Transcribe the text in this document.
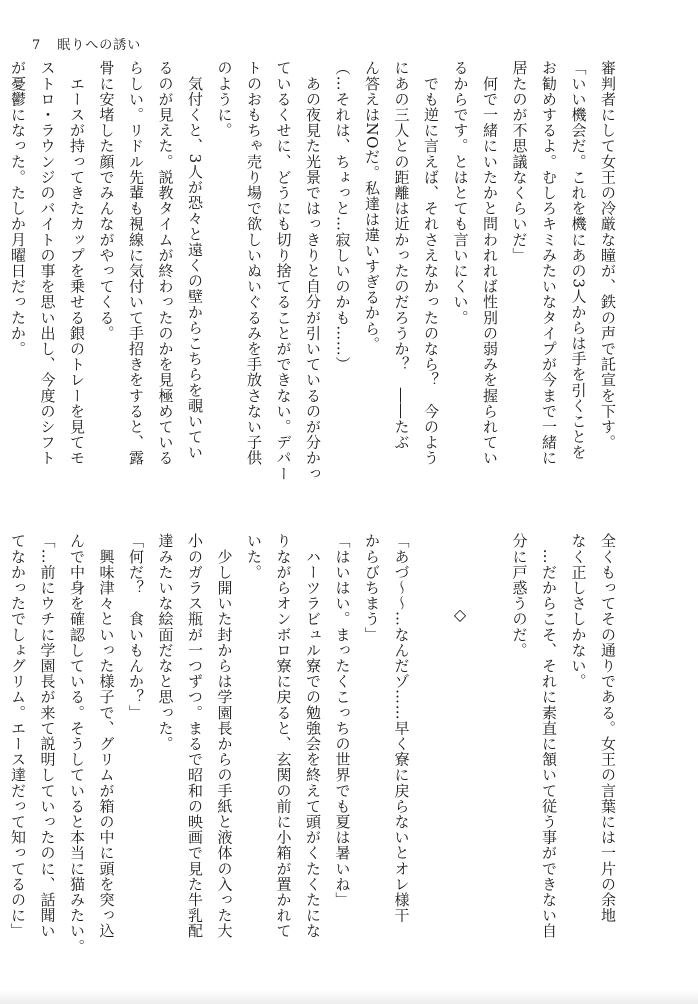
7 眠りへの誘い
審判者にして女王の冷厳な瞳が、鉄の声で託宣を下す。
「いい機会だ。これを機にあの3人からは手を引くことを
お勧めするよ。むしろキミみたいなタイプが今まで一緒に
居たのが不思議なくらいだ」
　何で一緒にいたかと問われれば性別の弱みを握られてい
るからです。とはとても言いにくい。
　でも逆に言えば、それさえなかったのなら？　今のよう
にあの三人との距離は近かったのだろうか？　――たぶ
ん答えはNOだ。私達は違いすぎるから。
（…それは、ちょっと…寂しいのかも……）
　あの夜見た光景ではっきりと自分が引いているのが分かっ
ているくせに、どうにも切り捨てることができない。デパー
トのおもちゃ売り場で欲しいぬいぐるみを手放さない子供
のように。
　気付くと、3人が恐々と遠くの壁からこちらを覗いてい
るのが見えた。説教タイムが終わったのかを見極めている
らしい。リドル先輩も視線に気付いて手招きをすると、露
骨に安堵した顔でみんながやってくる。
　エースが持ってきたカップを乗せる銀のトレーを見てモ
ストロ・ラウンジのバイトの事を思い出し、今度のシフト
が憂鬱になった。たしか月曜日だったか。
全くもってその通りである。女王の言葉には一片の余地
なく正しさしかない。
　…だからこそ、それに素直に頷いて従う事ができない自
分に戸惑うのだ。
◇
「あづ〜〜…なんだゾ……早く寮に戻らないとオレ様干
からびちまう」
「はいはい。まったくこっちの世界でも夏は暑いね」
　ハーツラビュル寮での勉強会を終えて頭がくたくたにな
りながらオンボロ寮に戻ると、玄関の前に小箱が置かれて
いた。
　少し開いた封からは学園長からの手紙と液体の入った大
小のガラス瓶が一つずつ。まるで昭和の映画で見た牛乳配
達みたいな絵面だなと思った。
「何だ？　食いもんか？」
　興味津々といった様子で、グリムが箱の中に頭を突っ込
んで中身を確認している。そうしていると本当に猫みたい。
「…前にウチに学園長が来て説明していったのに、話聞い
てなかったでしょグリム。エース達だって知ってるのに」
